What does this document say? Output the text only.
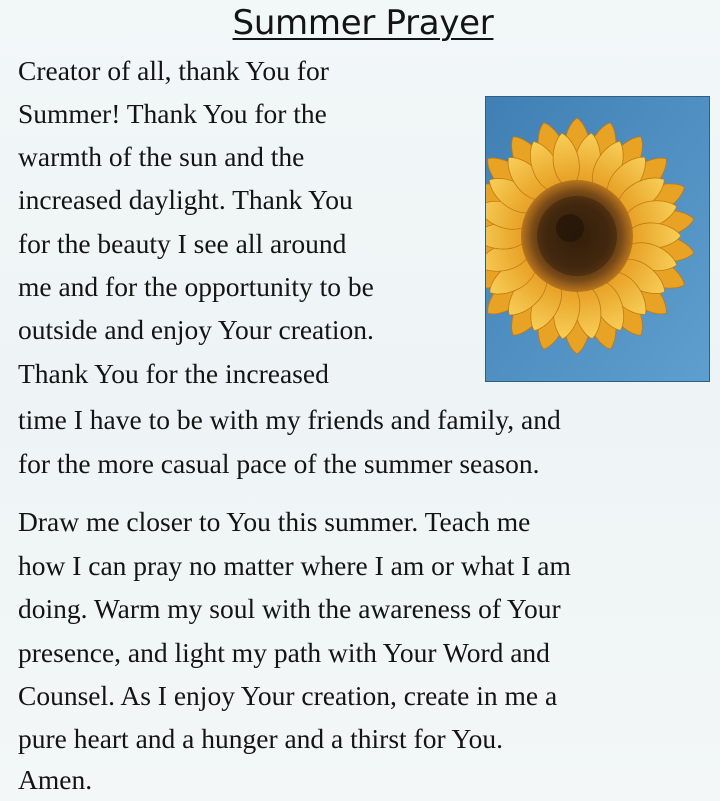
Summer Prayer
Creator of all, thank You for
Summer! Thank You for the
warmth of the sun and the
increased daylight. Thank You
for the beauty I see all around
me and for the opportunity to be
outside and enjoy Your creation.
Thank You for the increased
time I have to be with my friends and family, and
for the more casual pace of the summer season.
Draw me closer to You this summer. Teach me
how I can pray no matter where I am or what I am
doing. Warm my soul with the awareness of Your
presence, and light my path with Your Word and
Counsel. As I enjoy Your creation, create in me a
pure heart and a hunger and a thirst for You.
Amen.
